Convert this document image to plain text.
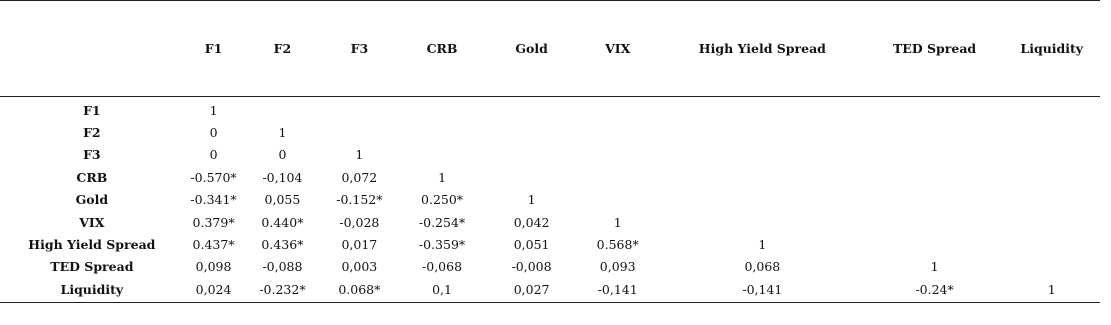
	F1	F2	F3	CRB	Gold	VIX	High Yield Spread	TED Spread	Liquidity
F1	1								
F2	0	1							
F3	0	0	1						
CRB	-0.570*	-0,104	0,072	1					
Gold	-0.341*	0,055	-0.152*	0.250*	1				
VIX	0.379*	0.440*	-0,028	-0.254*	0,042	1			
High Yield Spread	0.437*	0.436*	0,017	-0.359*	0,051	0.568*	1		
TED Spread	0,098	-0,088	0,003	-0,068	-0,008	0,093	0,068	1	
Liquidity	0,024	-0.232*	0.068*	0,1	0,027	-0,141	-0,141	-0.24*	1
